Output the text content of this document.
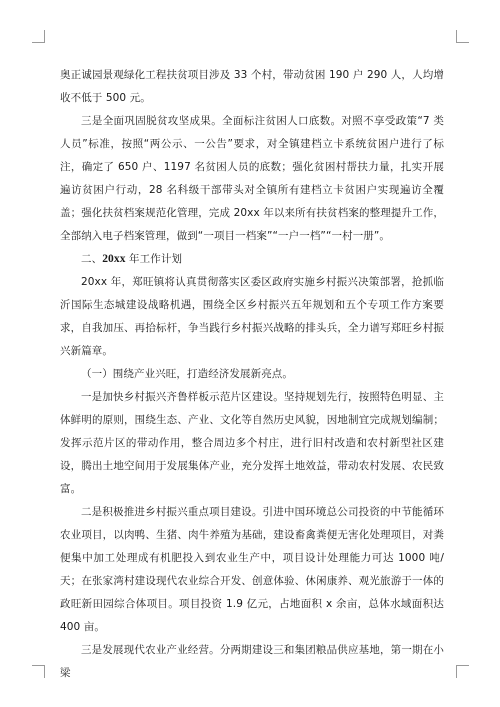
奥正诚园景观绿化工程扶贫项目涉及 33 个村，带动贫困 190 户 290 人，人均增收不低于 500 元。

三是全面巩固脱贫攻坚成果。全面标注贫困人口底数。对照不享受政策“7 类人员”标准，按照“两公示、一公告”要求，对全镇建档立卡系统贫困户进行了标注，确定了 650 户、1197 名贫困人员的底数；强化贫困村帮扶力量，扎实开展遍访贫困户行动，28 名科级干部带头对全镇所有建档立卡贫困户实现遍访全覆盖；强化扶贫档案规范化管理，完成 20xx 年以来所有扶贫档案的整理提升工作，全部纳入电子档案管理，做到“一项目一档案”“一户一档”“一村一册”。

二、20xx 年工作计划

20xx 年，郑旺镇将认真贯彻落实区委区政府实施乡村振兴决策部署，抢抓临沂国际生态城建设战略机遇，围绕全区乡村振兴五年规划和五个专项工作方案要求，自我加压、再拾标杆，争当践行乡村振兴战略的排头兵，全力谱写郑旺乡村振兴新篇章。

（一）围绕产业兴旺，打造经济发展新亮点。

一是加快乡村振兴齐鲁样板示范片区建设。坚持规划先行，按照特色明显、主体鲜明的原则，围绕生态、产业、文化等自然历史风貌，因地制宜完成规划编制；发挥示范片区的带动作用，整合周边多个村庄，进行旧村改造和农村新型社区建设，腾出土地空间用于发展集体产业，充分发挥土地效益，带动农村发展、农民致富。

二是积极推进乡村振兴重点项目建设。引进中国环境总公司投资的中节能循环农业项目，以肉鸭、生猪、肉牛养殖为基础，建设畜禽粪便无害化处理项目，对粪便集中加工处理成有机肥投入到农业生产中，项目设计处理能力可达 1000 吨/天；在张家湾村建设现代农业综合开发、创意体验、休闲康养、观光旅游于一体的政旺新田园综合体项目。项目投资 1.9 亿元，占地面积 x 余亩，总体水域面积达 400 亩。

三是发展现代农业产业经营。分两期建设三和集团粮品供应基地，第一期在小梁
